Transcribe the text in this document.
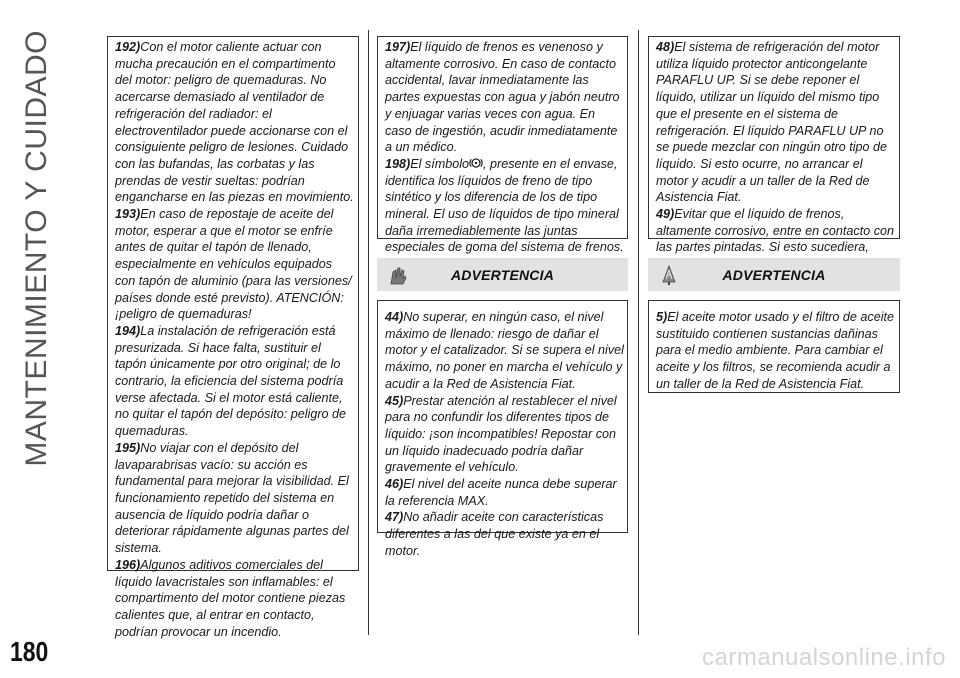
MANTENIMIENTO Y CUIDADO
180	carmanualsonline.info

192)Con el motor caliente actuar con mucha precaución en el compartimento del motor: peligro de quemaduras. No acercarse demasiado al ventilador de refrigeración del radiador: el electroventilador puede accionarse con el consiguiente peligro de lesiones. Cuidado con las bufandas, las corbatas y las prendas de vestir sueltas: podrían engancharse en las piezas en movimiento.

193)En caso de repostaje de aceite del motor, esperar a que el motor se enfríe antes de quitar el tapón de llenado, especialmente en vehículos equipados con tapón de aluminio (para las versiones/ países donde esté previsto). ATENCIÓN: ¡peligro de quemaduras!

194)La instalación de refrigeración está presurizada. Si hace falta, sustituir el tapón únicamente por otro original; de lo contrario, la eficiencia del sistema podría verse afectada. Si el motor está caliente, no quitar el tapón del depósito: peligro de quemaduras.

195)No viajar con el depósito del lavaparabrisas vacío: su acción es fundamental para mejorar la visibilidad. El funcionamiento repetido del sistema en ausencia de líquido podría dañar o deteriorar rápidamente algunas partes del sistema.

196)Algunos aditivos comerciales del líquido lavacristales son inflamables: el compartimento del motor contiene piezas calientes que, al entrar en contacto, podrían provocar un incendio.

197)El líquido de frenos es venenoso y altamente corrosivo. En caso de contacto accidental, lavar inmediatamente las partes expuestas con agua y jabón neutro y enjuagar varias veces con agua. En caso de ingestión, acudir inmediatamente a un médico.

198)El símbolo , presente en el envase, identifica los líquidos de freno de tipo sintético y los diferencia de los de tipo mineral. El uso de líquidos de tipo mineral daña irremediablemente las juntas especiales de goma del sistema de frenos.

ADVERTENCIA

44)No superar, en ningún caso, el nivel máximo de llenado: riesgo de dañar el motor y el catalizador. Si se supera el nivel máximo, no poner en marcha el vehículo y acudir a la Red de Asistencia Fiat.

45)Prestar atención al restablecer el nivel para no confundir los diferentes tipos de líquido: ¡son incompatibles! Repostar con un líquido inadecuado podría dañar gravemente el vehículo.

46)El nivel del aceite nunca debe superar la referencia MAX.

47)No añadir aceite con características diferentes a las del que existe ya en el motor.

48)El sistema de refrigeración del motor utiliza líquido protector anticongelante PARAFLU UP. Si se debe reponer el líquido, utilizar un líquido del mismo tipo que el presente en el sistema de refrigeración. El líquido PARAFLU UP no se puede mezclar con ningún otro tipo de líquido. Si esto ocurre, no arrancar el motor y acudir a un taller de la Red de Asistencia Fiat.

49)Evitar que el líquido de frenos, altamente corrosivo, entre en contacto con las partes pintadas. Si esto sucediera,

ADVERTENCIA

5)El aceite motor usado y el filtro de aceite sustituido contienen sustancias dañinas para el medio ambiente. Para cambiar el aceite y los filtros, se recomienda acudir a un taller de la Red de Asistencia Fiat.
